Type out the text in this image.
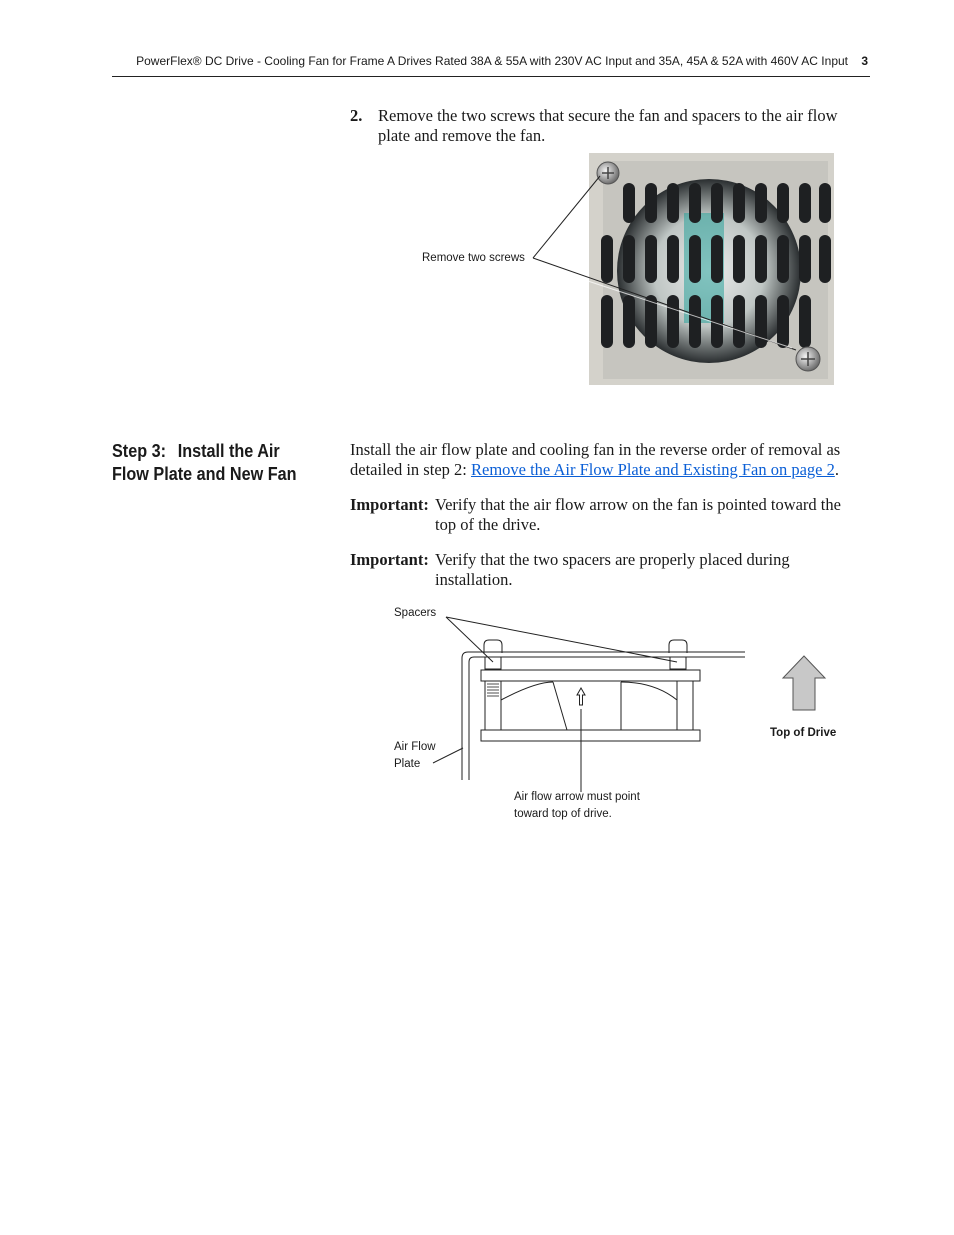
PowerFlex® DC Drive - Cooling Fan for Frame A Drives Rated 38A & 55A with 230V AC Input and 35A, 45A & 52A with 460V AC Input 3
2. Remove the two screws that secure the fan and spacers to the air flow plate and remove the fan.
Remove two screws
Step 3: Install the Air Flow Plate and New Fan
Install the air flow plate and cooling fan in the reverse order of removal as detailed in step 2: Remove the Air Flow Plate and Existing Fan on page 2.
Important: Verify that the air flow arrow on the fan is pointed toward the top of the drive.
Important: Verify that the two spacers are properly placed during installation.
Spacers
Air Flow
Plate
Air flow arrow must point
toward top of drive.
Top of Drive
